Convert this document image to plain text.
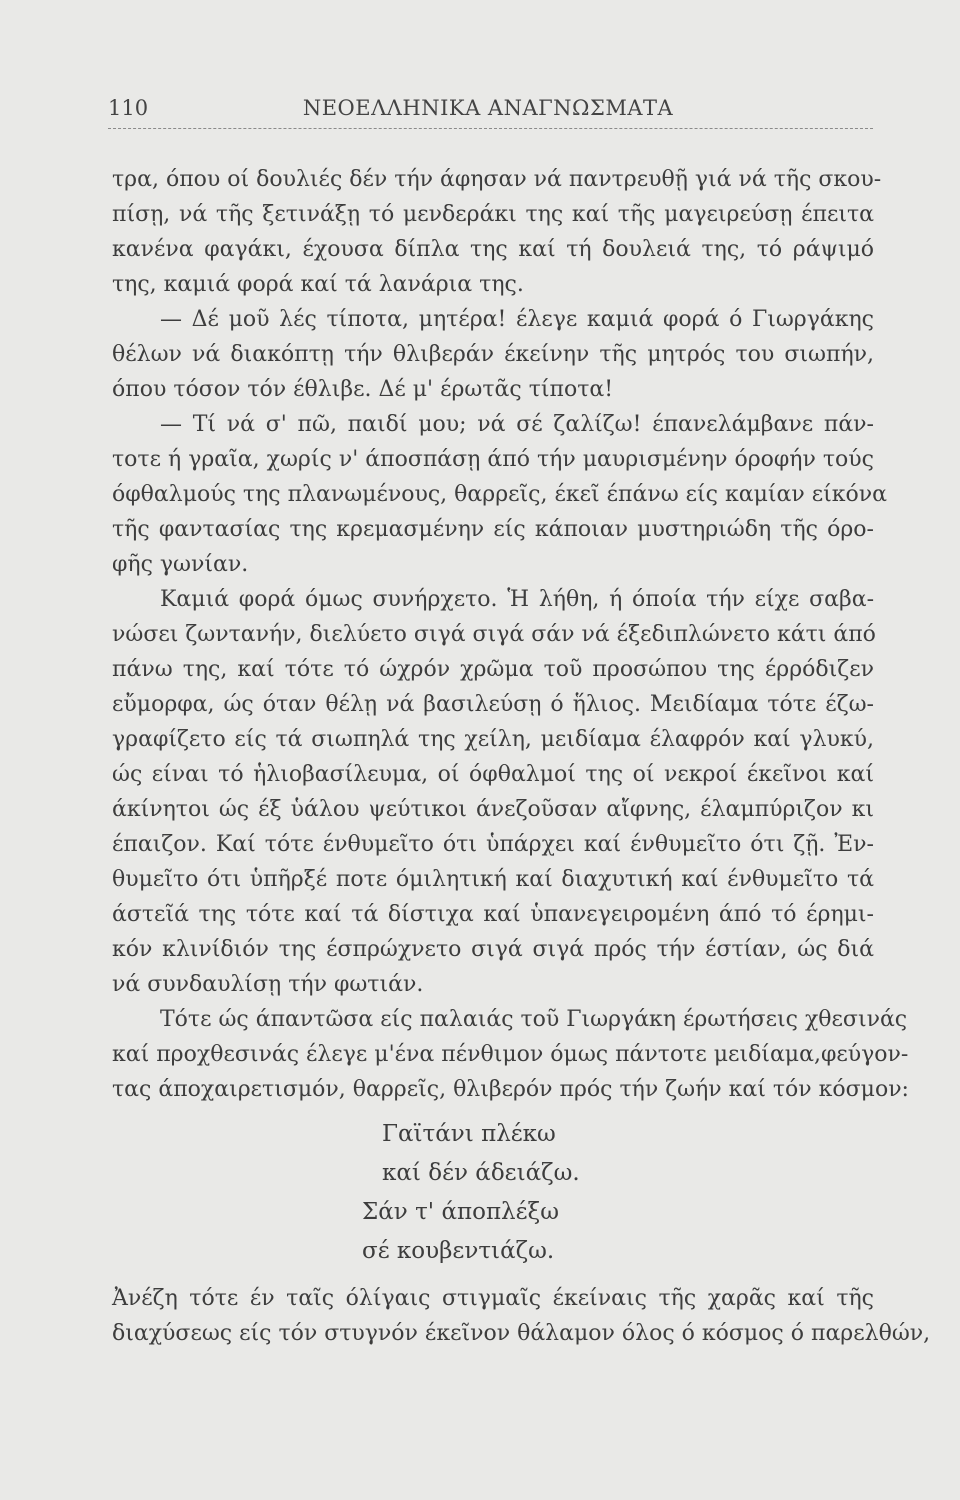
110	ΝΕΟΕΛΛΗΝΙΚΑ ΑΝΑΓΝΩΣΜΑΤΑ
τρα, όπου οί δουλιές δέν τήν άφησαν νά παντρευθῇ γιά νά τῆς σκου-
πίσῃ, νά τῆς ξετινάξῃ τό μενδεράκι της καί τῆς μαγειρεύσῃ έπειτα
κανένα φαγάκι, έχουσα δίπλα της καί τή δουλειά της, τό ράψιμό
της, καμιά φορά καί τά λανάρια της.
— Δέ μοῦ λές τίποτα, μητέρα! έλεγε καμιά φορά ό Γιωργάκης
θέλων νά διακόπτῃ τήν θλιβεράν έκείνην τῆς μητρός του σιωπήν,
όπου τόσον τόν έθλιβε. Δέ μ' έρωτᾶς τίποτα!
— Τί νά σ' πῶ, παιδί μου; νά σέ ζαλίζω! έπανελάμβανε πάν-
τοτε ή γραῖα, χωρίς ν' άποσπάσῃ άπό τήν μαυρισμένην όροφήν τούς
όφθαλμούς της πλανωμένους, θαρρεῖς, έκεῖ έπάνω είς καμίαν είκόνα
τῆς φαντασίας της κρεμασμένην είς κάποιαν μυστηριώδη τῆς όρο-
φῆς γωνίαν.
Καμιά φορά όμως συνήρχετο. Ἡ λήθη, ή όποία τήν είχε σαβα-
νώσει ζωντανήν, διελύετο σιγά σιγά σάν νά έξεδιπλώνετο κάτι άπό
πάνω της, καί τότε τό ώχρόν χρῶμα τοῦ προσώπου της έρρόδιζεν
εὔμορφα, ώς όταν θέλῃ νά βασιλεύσῃ ό ἥλιος. Μειδίαμα τότε έζω-
γραφίζετο είς τά σιωπηλά της χείλη, μειδίαμα έλαφρόν καί γλυκύ,
ώς είναι τό ἡλιοβασίλευμα, οί όφθαλμοί της οί νεκροί έκεῖνοι καί
άκίνητοι ώς έξ ὑάλου ψεύτικοι άνεζοῦσαν αἴφνης, έλαμπύριζον κι
έπαιζον. Καί τότε ένθυμεῖτο ότι ὑπάρχει καί ένθυμεῖτο ότι ζῇ. Ἐν-
θυμεῖτο ότι ὑπῆρξέ ποτε όμιλητική καί διαχυτική καί ένθυμεῖτο τά
άστεῖά της τότε καί τά δίστιχα καί ὑπανεγειρομένη άπό τό έρημι-
κόν κλινίδιόν της έσπρώχνετο σιγά σιγά πρός τήν έστίαν, ώς διά
νά συνδαυλίσῃ τήν φωτιάν.
Τότε ώς άπαντῶσα είς παλαιάς τοῦ Γιωργάκη έρωτήσεις χθεσινάς
καί προχθεσινάς έλεγε μ'ένα πένθιμον όμως πάντοτε μειδίαμα,φεύγον-
τας άποχαιρετισμόν, θαρρεῖς, θλιβερόν πρός τήν ζωήν καί τόν κόσμον:
Γαϊτάνι πλέκω
καί δέν άδειάζω.
Σάν τ' άποπλέξω
σέ κουβεντιάζω.
Ἀνέζη τότε έν ταῖς όλίγαις στιγμαῖς έκείναις τῆς χαρᾶς καί τῆς
διαχύσεως είς τόν στυγνόν έκεῖνον θάλαμον όλος ό κόσμος ό παρελθών,
